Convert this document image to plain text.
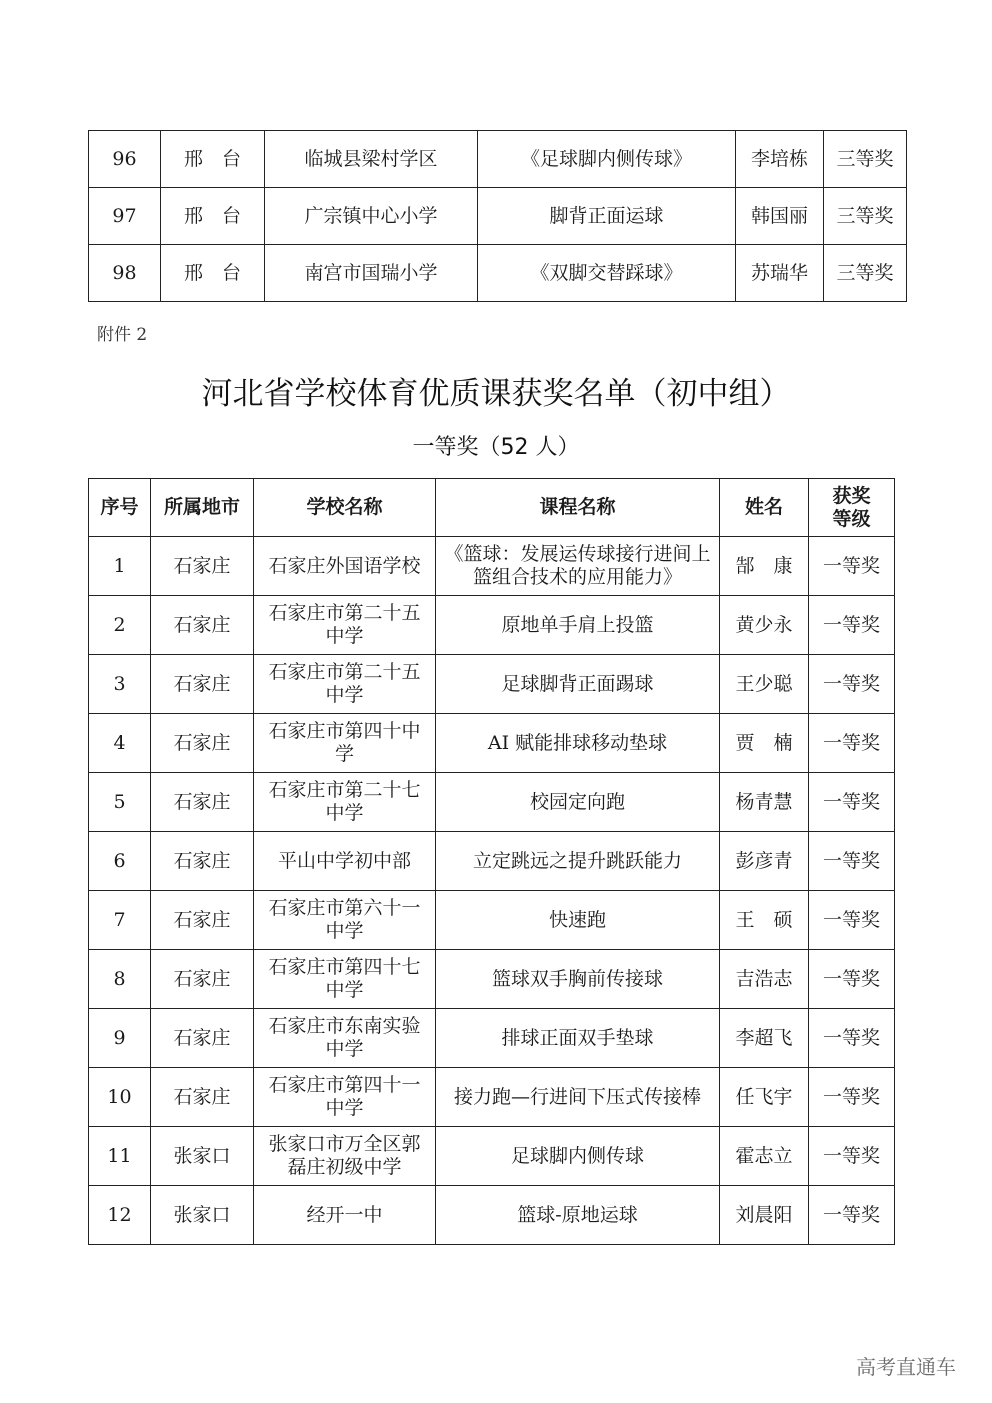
96	邢　台	临城县梁村学区	《足球脚内侧传球》	李培栋	三等奖
97	邢　台	广宗镇中心小学	脚背正面运球	韩国丽	三等奖
98	邢　台	南宫市国瑞小学	《双脚交替踩球》	苏瑞华	三等奖
附件 2
河北省学校体育优质课获奖名单（初中组）
一等奖（52 人）
序号	所属地市	学校名称	课程名称	姓名	获奖
等级
1	石家庄	石家庄外国语学校	《篮球：发展运传球接行进间上篮组合技术的应用能力》	郜　康	一等奖
2	石家庄	石家庄市第二十五中学	原地单手肩上投篮	黄少永	一等奖
3	石家庄	石家庄市第二十五中学	足球脚背正面踢球	王少聪	一等奖
4	石家庄	石家庄市第四十中学	AI 赋能排球移动垫球	贾　楠	一等奖
5	石家庄	石家庄市第二十七中学	校园定向跑	杨青慧	一等奖
6	石家庄	平山中学初中部	立定跳远之提升跳跃能力	彭彦青	一等奖
7	石家庄	石家庄市第六十一中学	快速跑	王　硕	一等奖
8	石家庄	石家庄市第四十七中学	篮球双手胸前传接球	吉浩志	一等奖
9	石家庄	石家庄市东南实验中学	排球正面双手垫球	李超飞	一等奖
10	石家庄	石家庄市第四十一中学	接力跑—行进间下压式传接棒	任飞宇	一等奖
11	张家口	张家口市万全区郭磊庄初级中学	足球脚内侧传球	霍志立	一等奖
12	张家口	经开一中	篮球-原地运球	刘晨阳	一等奖
高考直通车
